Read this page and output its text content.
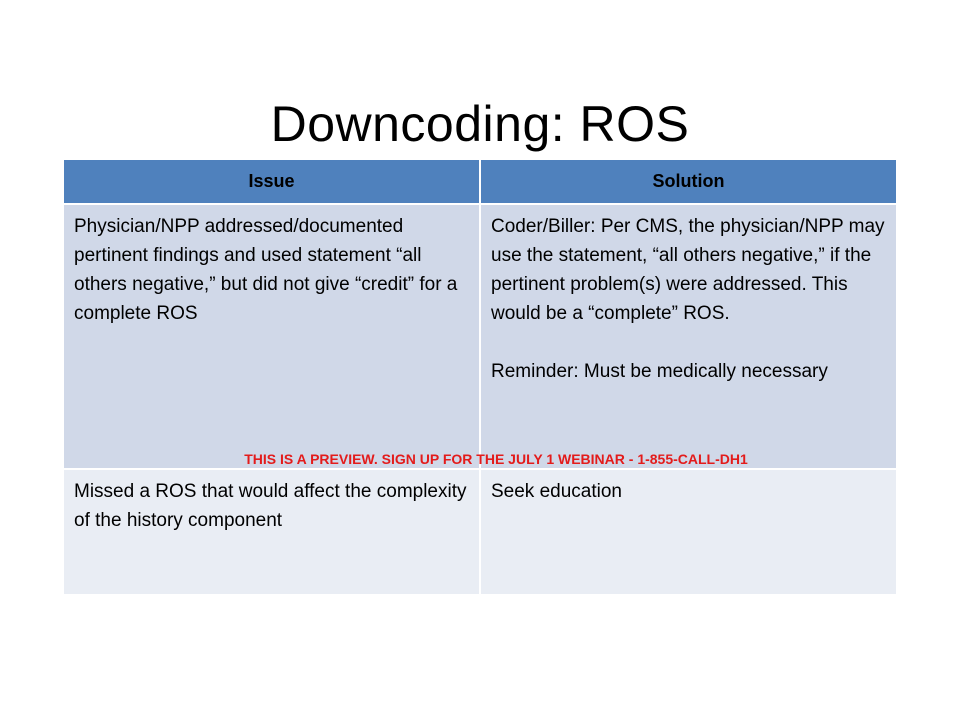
Downcoding: ROS
Issue	Solution

Physician/NPP addressed/documented pertinent findings and used statement “all others negative,” but did not give “credit” for a complete ROS	Coder/Biller: Per CMS, the physician/NPP may use the statement, “all others negative,” if the pertinent problem(s) were addressed. This would be a “complete” ROS.
Reminder: Must be medically necessary

Missed a ROS that would affect the complexity of the history component	Seek education
THIS IS A PREVIEW. SIGN UP FOR THE JULY 1 WEBINAR - 1-855-CALL-DH1
